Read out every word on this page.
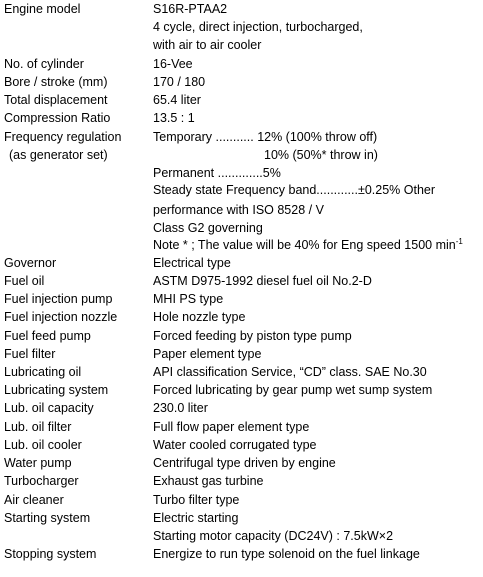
Engine model
No. of cylinder
Bore / stroke (mm)
Total displacement
Compression Ratio
Frequency regulation
(as generator set)
Governor
Fuel oil
Fuel injection pump
Fuel injection nozzle
Fuel feed pump
Fuel filter
Lubricating oil
Lubricating system
Lub. oil capacity
Lub. oil filter
Lub. oil cooler
Water pump
Turbocharger
Air cleaner
Starting system
Stopping system
S16R-PTAA2
4 cycle, direct injection, turbocharged,
with air to air cooler
16-Vee
170 / 180
65.4 liter
13.5 : 1
Temporary ........... 12% (100% throw off)
10% (50%* throw in)
Permanent .............5%
Steady state Frequency band............±0.25% Other
performance with ISO 8528 / V
Class G2 governing
Note * ; The value will be 40% for Eng speed 1500 $\min^{-1}$
Electrical type
ASTM D975-1992 diesel fuel oil No.2-D
MHI PS type
Hole nozzle type
Forced feeding by piston type pump
Paper element type
API classification Service, “CD” class. SAE No.30
Forced lubricating by gear pump wet sump system
230.0 liter
Full flow paper element type
Water cooled corrugated type
Centrifugal type driven by engine
Exhaust gas turbine
Turbo filter type
Electric starting
Starting motor capacity (DC24V) : 7.5kW×2
Energize to run type solenoid on the fuel linkage
